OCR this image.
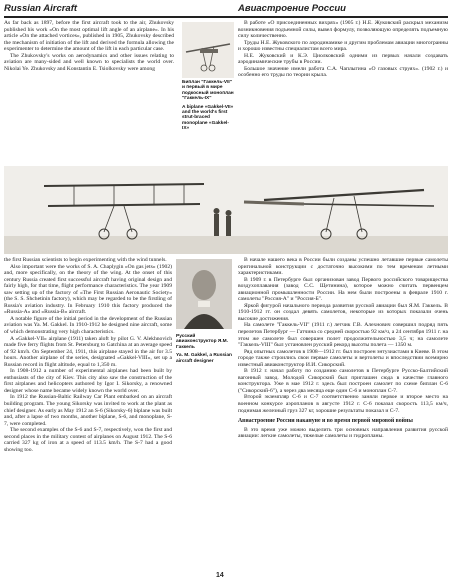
Russian Aircraft	Авиастроение России

As far back as 1897, before the first aircraft took to the air, Zhukovsky published his work «On the most optimal lift angle of an airplane». In his article «On the attached vortices», published in 1905, Zhukovsky described the mechanism of initiation of the lift and derived the formula allowing the experimenter to determine the amount of the lift in each particular case.

The Zhukovsky's works on aerodynamics and other issues relating to aviation are many-sided and well known to specialists the world over. Nikolai Ye. Zhukovsky and Konstantin E. Tsiolkovsky were among

Биплан "Гаккель-VII" и первый в мире подкосный моноплан "Гаккель-IX"

A biplane «Gakkel-VII» and the world's first strut-braced monoplane «Gakkel-IX»

В работе «О присоединенных вихрях» (1905 г.) Н.Е. Жуковский раскрыл механизм возникновения подъемной силы, вывел формулу, позволяющую определять подъемную силу количественно.

Труды Н.Е. Жуковского по аэродинамике и другим проблемам авиации многогранны и хорошо известны специалистам всего мира.

Н.Е. Жуковский и К.Э. Циолковский одними из первых начали создавать аэродинамические трубы в России.

Большое значение имели работа С.А. Чаплыгина «О газовых струях». (1902 г.) и особенно его труды по теории крыла.

the first Russian scientists to begin experimenting with the wind tunnels.

Also important were the works of S. A. Chaplygin «On gas jets» (1902) and, more specifically, on the theory of the wing. At the onset of this century Russia created first successful aircraft having original design and fairly high, for that time, flight performance characteristics. The year 1909 saw setting up of the factory of «The First Russian Aeronautic Society» (the S. S. Shchetinin factory), which may be regarded to be the firstling of Russia's aviation industry. In February 1910 this factory produced the «Russia-A» and «Russia-B» aircraft.

A notable figure of the initial period in the development of the Russian aviation was Ya. M. Gakkel. In 1910-1912 he designed nine aircraft, some of which demonstrating very high characteristics.

A «Gakkel-VII» airplane (1911) taken aloft by pilot G. V. Alekhnovich made five ferry flights from St. Petersburg to Gatchina at an average speed of 92 km/h. On September 24, 1911, this airplane stayed in the air for 3.5 hours. Another airplane of the series, designated «Gakkel-VIII», set up a Russian record in flight altitude, equal to 1,350 m.

In 1908-1912 a number of experimental airplanes had been built by enthusiasts of the city of Kiev. This city also saw the construction of the first airplanes and helicopters authored by Igor I. Sikorsky, a renowned designer whose name became widely known the world over.

In 1912 the Russian-Baltic Railway Car Plant embarked on an aircraft building program. The young Sikorsky was invited to work at the plant as chief designer. As early as May 1912 an S-6 (Sikorsky-6) biplane was built and, after a lapse of two months, another biplane, S-6, and monoplane, S-7, were completed.

The second examples of the S-6 and S-7, respectively, won the first and second places in the military contest of airplanes on August 1912. The S-6 carried 327 kg of iron at a speed of 113.5 km/h. The S-7 had a good showing too.

Русский авиаконструктор Я.М. Гаккель

Ya. M. Gakkel, a Russian aircraft designer

В начале нашего века в России были созданы успешно летавшие первые самолеты оригинальной конструкции с достаточно высокими по тем временам летными характеристиками.

В 1909 г. в Петербурге был организован завод Первого российского товарищества воздухоплавания (завод С.С. Щетинина), которое можно считать первенцем авиационной промышленности России. На нем были построены в феврале 1910 г. самолеты "Россия-А" и "Россия-Б".

Яркой фигурой начального периода развития русской авиации был Я.М. Гаккель. В 1910-1912 гг. он создал девять самолетов, некоторые из которых показали очень высокие достижения.

На самолете "Гаккель-VII" (1911 г.) летчик Г.В. Алехнович совершил подряд пять перелетов Петербург — Гатчина со средней скоростью 92 км/ч, а 24 сентября 1911 г. на этом же самолете был совершен полет продолжительностью 3,5 ч; на самолете "Гаккель-VIII" был установлен русский рекорд высоты полета — 1350 м.

Ряд опытных самолетов в 1908—1912 гг. был построен энтузиастами в Киеве. В этом городе также строились свои первые самолеты и вертолеты и впоследствии всемирно известный авиаконструктор И.И. Сикорский.

В 1912 г. начал работу по созданию самолетов в Петербурге Русско-Балтийский вагонный завод. Молодой Сикорский был приглашен сюда в качестве главного конструктора. Уже в мае 1912 г. здесь был построен самолет по схеме биплан С-6 ("Сикорский-6"), а через два месяца еще один С-6 и моноплан С-7.

Второй экземпляр С-6 и С-7 соответственно заняли первое и второе место на военном конкурсе аэропланов в августе 1912 г. С-6 показал скорость 113,5 км/ч, поднимая железный груз 327 кг, хорошие результаты показал и С-7.

Авиастроение России накануне и во время первой мировой войны

В это время уже можно выделить три основных направления развития русской авиации: легкие самолеты, тяжелые самолеты и гидропланы.

14
